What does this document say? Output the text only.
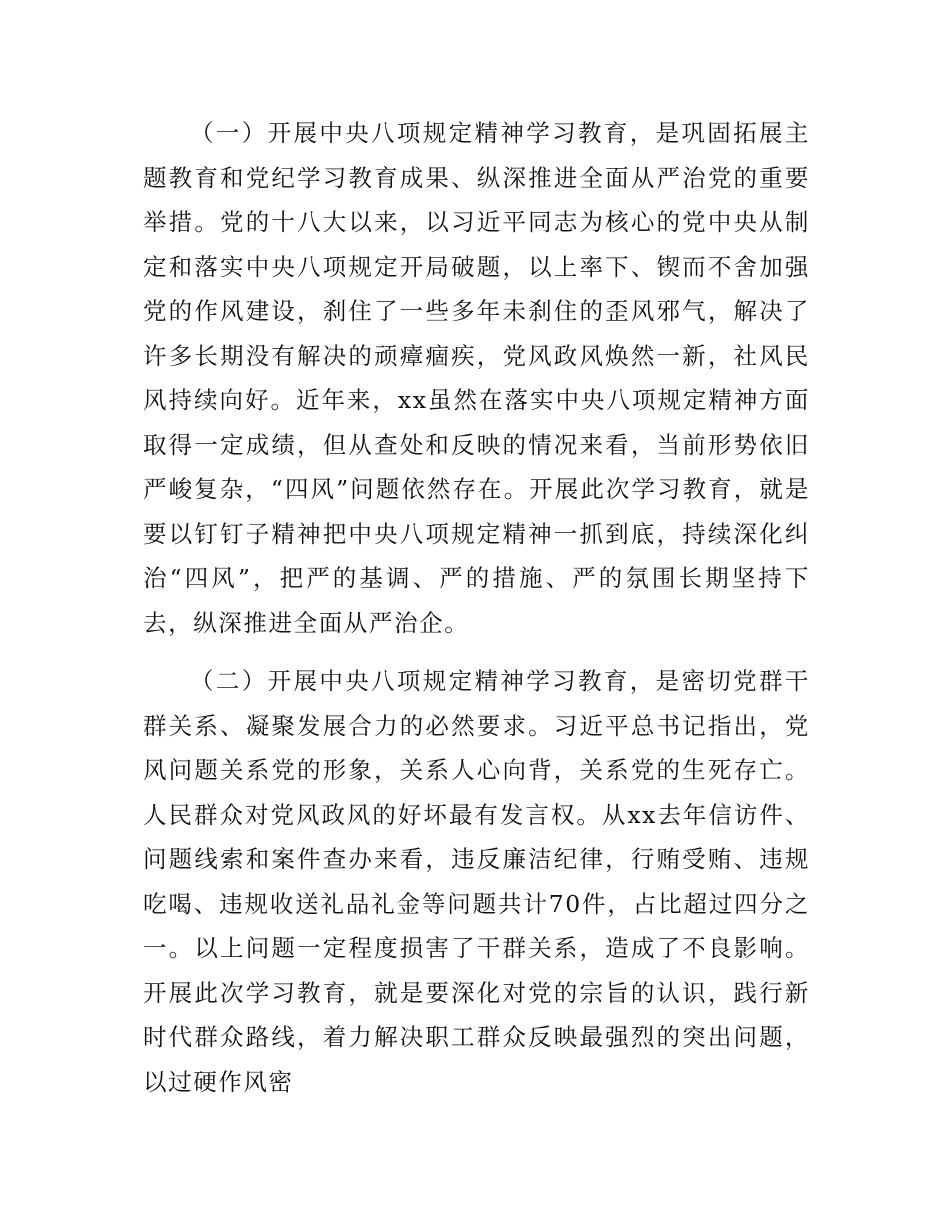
（一）开展中央八项规定精神学习教育，是巩固拓展主题教育和党纪学习教育成果、纵深推进全面从严治党的重要举措。党的十八大以来，以习近平同志为核心的党中央从制定和落实中央八项规定开局破题，以上率下、锲而不舍加强党的作风建设，刹住了一些多年未刹住的歪风邪气，解决了许多长期没有解决的顽瘴痼疾，党风政风焕然一新，社风民风持续向好。近年来，xx虽然在落实中央八项规定精神方面取得一定成绩，但从查处和反映的情况来看，当前形势依旧严峻复杂，“四风”问题依然存在。开展此次学习教育，就是要以钉钉子精神把中央八项规定精神一抓到底，持续深化纠治“四风”，把严的基调、严的措施、严的氛围长期坚持下去，纵深推进全面从严治企。

（二）开展中央八项规定精神学习教育，是密切党群干群关系、凝聚发展合力的必然要求。习近平总书记指出，党风问题关系党的形象，关系人心向背，关系党的生死存亡。人民群众对党风政风的好坏最有发言权。从xx去年信访件、问题线索和案件查办来看，违反廉洁纪律，行贿受贿、违规吃喝、违规收送礼品礼金等问题共计70件，占比超过四分之一。以上问题一定程度损害了干群关系，造成了不良影响。开展此次学习教育，就是要深化对党的宗旨的认识，践行新时代群众路线，着力解决职工群众反映最强烈的突出问题，以过硬作风密
